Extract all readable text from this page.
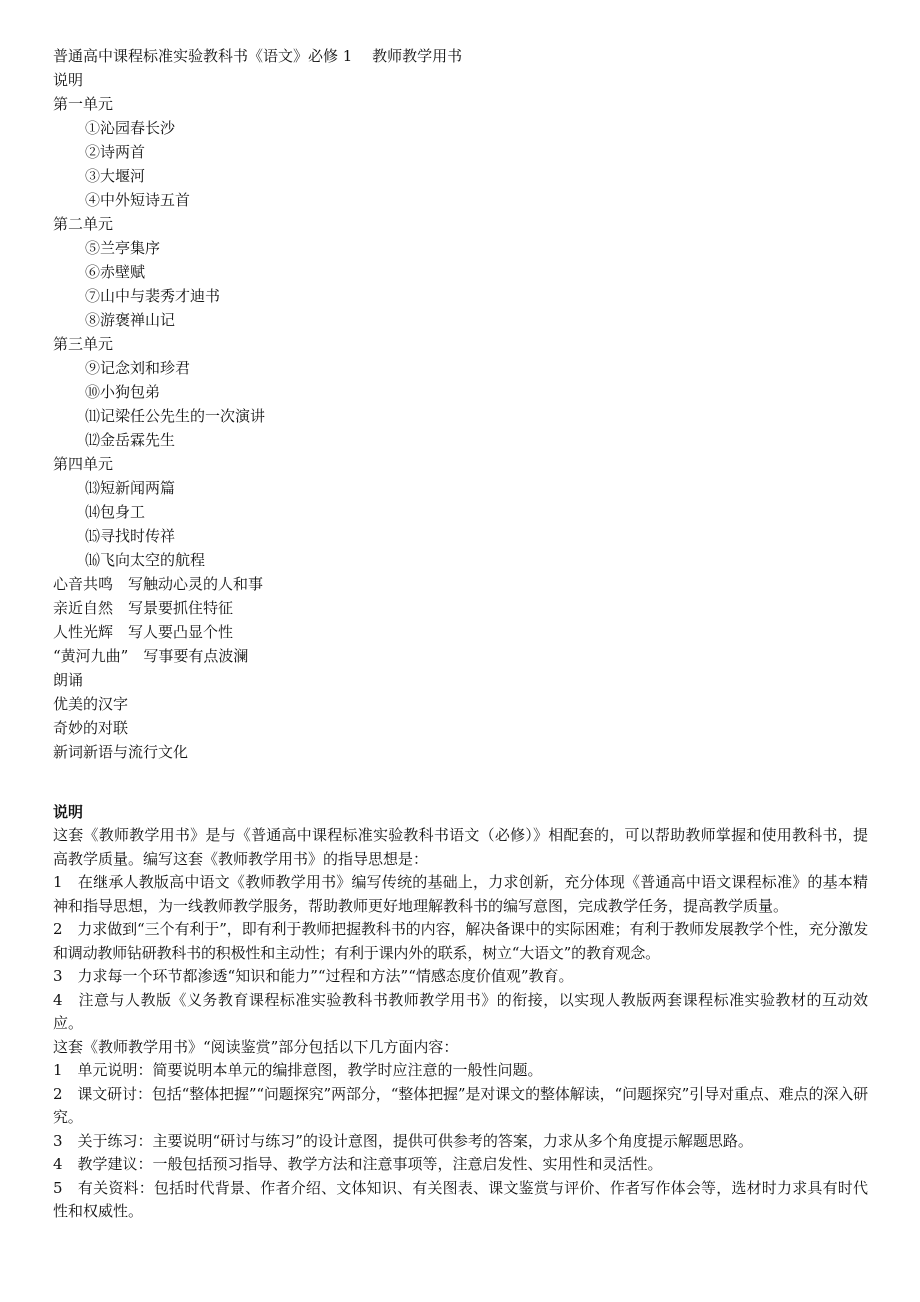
普通高中课程标准实验教科书《语文》必修 1　 教师教学用书
说明
第一单元
①沁园春长沙
②诗两首
③大堰河
④中外短诗五首
第二单元
⑤兰亭集序
⑥赤壁赋
⑦山中与裴秀才迪书
⑧游褒禅山记
第三单元
⑨记念刘和珍君
⑩小狗包弟
⑾记梁任公先生的一次演讲
⑿金岳霖先生
第四单元
⒀短新闻两篇
⒁包身工
⒂寻找时传祥
⒃飞向太空的航程
心音共鸣　写触动心灵的人和事
亲近自然　写景要抓住特征
人性光辉　写人要凸显个性
“黄河九曲”　写事要有点波澜
朗诵
优美的汉字
奇妙的对联
新词新语与流行文化
说明
这套《教师教学用书》是与《普通高中课程标准实验教科书语文（必修）》相配套的，可以帮助教师掌握和使用教科书，提高教学质量。编写这套《教师教学用书》的指导思想是：
1　在继承人教版高中语文《教师教学用书》编写传统的基础上，力求创新，充分体现《普通高中语文课程标准》的基本精神和指导思想，为一线教师教学服务，帮助教师更好地理解教科书的编写意图，完成教学任务，提高教学质量。
2　力求做到“三个有利于”，即有利于教师把握教科书的内容，解决备课中的实际困难；有利于教师发展教学个性，充分激发和调动教师钻研教科书的积极性和主动性；有利于课内外的联系，树立“大语文”的教育观念。
3　力求每一个环节都渗透“知识和能力”“过程和方法”“情感态度价值观”教育。
4　注意与人教版《义务教育课程标准实验教科书教师教学用书》的衔接，以实现人教版两套课程标准实验教材的互动效应。
这套《教师教学用书》“阅读鉴赏”部分包括以下几方面内容：
1　单元说明：简要说明本单元的编排意图，教学时应注意的一般性问题。
2　课文研讨：包括“整体把握”“问题探究”两部分，“整体把握”是对课文的整体解读，“问题探究”引导对重点、难点的深入研究。
3　关于练习：主要说明“研讨与练习”的设计意图，提供可供参考的答案，力求从多个角度提示解题思路。
4　教学建议：一般包括预习指导、教学方法和注意事项等，注意启发性、实用性和灵活性。
5　有关资料：包括时代背景、作者介绍、文体知识、有关图表、课文鉴赏与评价、作者写作体会等，选材时力求具有时代性和权威性。
